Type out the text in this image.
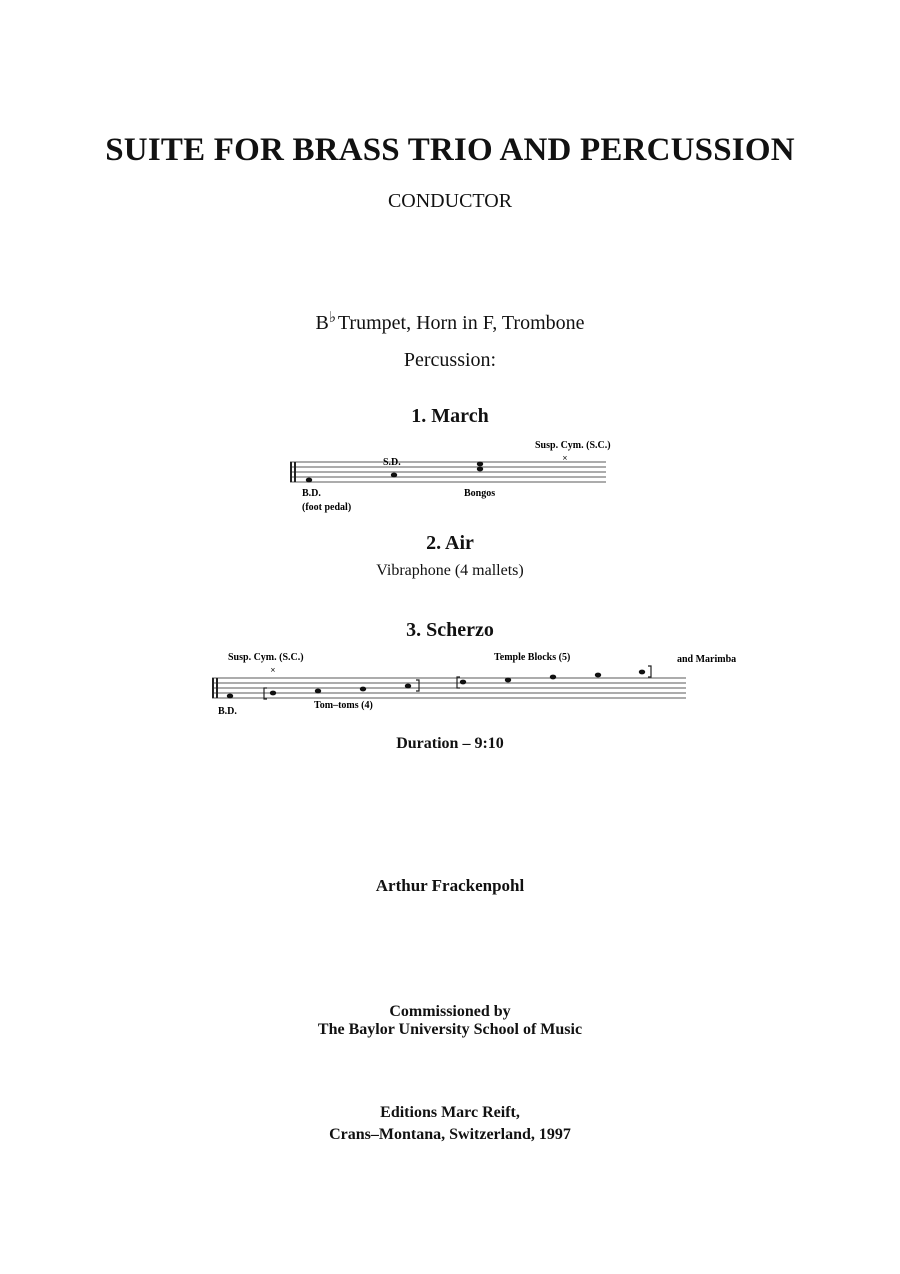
SUITE FOR BRASS TRIO AND PERCUSSION
CONDUCTOR
B♭ Trumpet, Horn in F, Trombone
Percussion:
1. March
2. Air
Vibraphone (4 mallets)
3. Scherzo
×
Susp. Cym. (S.C.)
S.D.
B.D.
(foot pedal)
Bongos
×
Susp. Cym. (S.C.)	Temple Blocks (5)	and Marimba
B.D.
Tom–toms (4)
Duration – 9:10
Arthur Frackenpohl
Commissioned by
The Baylor University School of Music
Editions Marc Reift,
Crans–Montana, Switzerland, 1997
